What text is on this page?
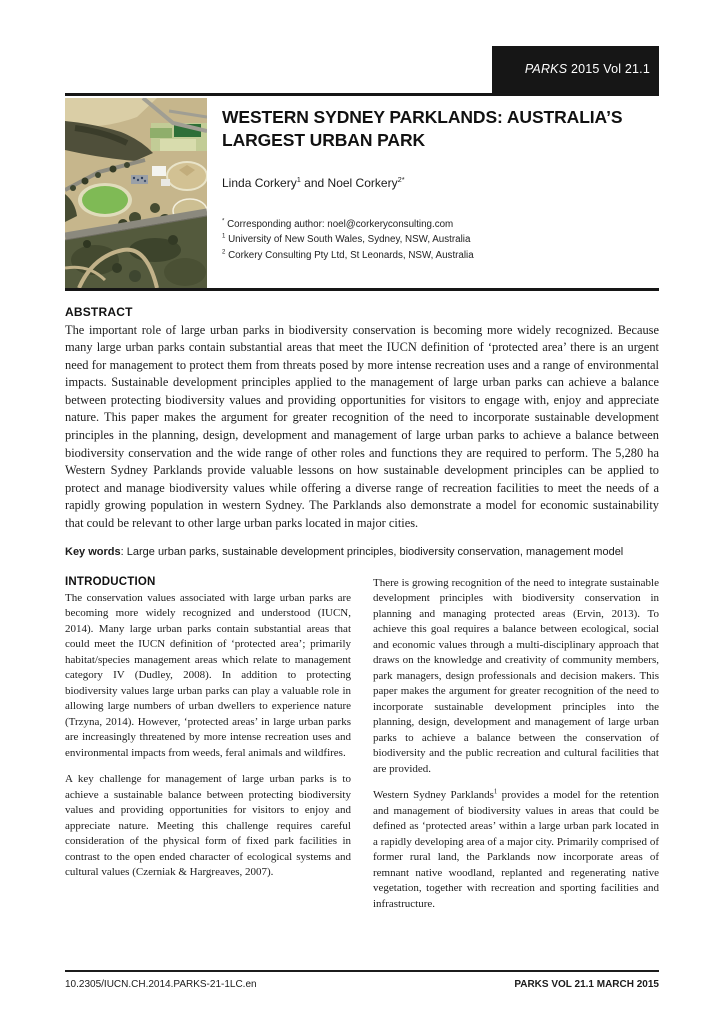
PARKS 2015 Vol 21.1

WESTERN SYDNEY PARKLANDS: AUSTRALIA’S LARGEST URBAN PARK
Linda Corkery$^1$ and Noel Corkery$^{2*}$
* Corresponding author: noel@corkeryconsulting.com
$^1$ University of New South Wales, Sydney, NSW, Australia
$^2$ Corkery Consulting Pty Ltd, St Leonards, NSW, Australia
ABSTRACT
The important role of large urban parks in biodiversity conservation is becoming more widely recognized. Because many large urban parks contain substantial areas that meet the IUCN definition of ‘protected area’ there is an urgent need for management to protect them from threats posed by more intense recreation uses and a range of environmental impacts. Sustainable development principles applied to the management of large urban parks can achieve a balance between protecting biodiversity values and providing opportunities for visitors to engage with, enjoy and appreciate nature. This paper makes the argument for greater recognition of the need to incorporate sustainable development principles in the planning, design, development and management of large urban parks to achieve a balance between biodiversity conservation and the wide range of other roles and functions they are required to perform. The 5,280 ha Western Sydney Parklands provide valuable lessons on how sustainable development principles can be applied to protect and manage biodiversity values while offering a diverse range of recreation facilities to meet the needs of a rapidly growing population in western Sydney. The Parklands also demonstrate a model for economic sustainability that could be relevant to other large urban parks located in major cities.
Key words: Large urban parks, sustainable development principles, biodiversity conservation, management model
INTRODUCTION
The conservation values associated with large urban parks are becoming more widely recognized and understood (IUCN, 2014). Many large urban parks contain substantial areas that could meet the IUCN definition of ‘protected area’; primarily habitat/species management areas which relate to management category IV (Dudley, 2008). In addition to protecting biodiversity values large urban parks can play a valuable role in allowing large numbers of urban dwellers to experience nature (Trzyna, 2014). However, ‘protected areas’ in large urban parks are increasingly threatened by more intense recreation uses and environmental impacts from weeds, feral animals and wildfires.
A key challenge for management of large urban parks is to achieve a sustainable balance between protecting biodiversity values and providing opportunities for visitors to enjoy and appreciate nature. Meeting this challenge requires careful consideration of the physical form of fixed park facilities in contrast to the open ended character of ecological systems and cultural values (Czerniak & Hargreaves, 2007).
There is growing recognition of the need to integrate sustainable development principles with biodiversity conservation in planning and managing protected areas (Ervin, 2013). To achieve this goal requires a balance between ecological, social and economic values through a multi-disciplinary approach that draws on the knowledge and creativity of community members, park managers, design professionals and decision makers. This paper makes the argument for greater recognition of the need to incorporate sustainable development principles into the planning, design, development and management of large urban parks to achieve a balance between the conservation of biodiversity and the public recreation and cultural facilities that are provided.
Western Sydney Parklands$^1$ provides a model for the retention and management of biodiversity values in areas that could be defined as ‘protected areas’ within a large urban park located in a rapidly developing area of a major city. Primarily comprised of former rural land, the Parklands now incorporate areas of remnant native woodland, replanted and regenerating native vegetation, together with recreation and sporting facilities and infrastructure.
10.2305/IUCN.CH.2014.PARKS-21-1LC.en	PARKS VOL 21.1 MARCH 2015
